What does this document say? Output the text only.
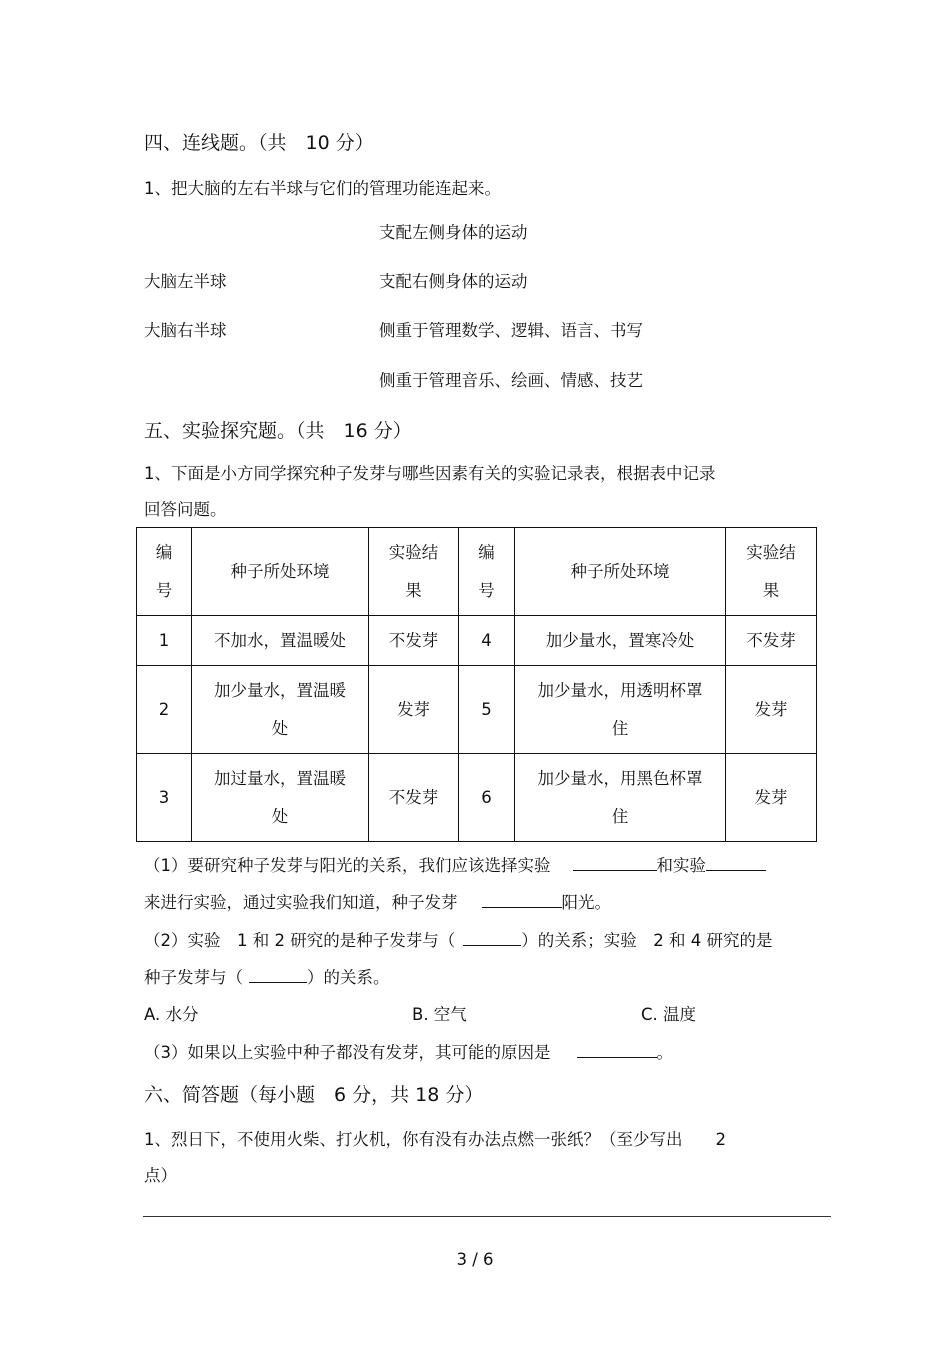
四、连线题。（共　10 分）
1、把大脑的左右半球与它们的管理功能连起来。
支配左侧身体的运动
大脑左半球	支配右侧身体的运动
大脑右半球	侧重于管理数学、逻辑、语言、书写
侧重于管理音乐、绘画、情感、技艺
五、实验探究题。（共　16 分）
1、下面是小方同学探究种子发芽与哪些因素有关的实验记录表，根据表中记录
回答问题。
编
号	种子所处环境	实验结
果	编
号	种子所处环境	实验结
果
1	不加水，置温暖处	不发芽	4	加少量水，置寒冷处	不发芽
2	加少量水，置温暖
处	发芽	5	加少量水，用透明杯罩
住	发芽
3	加过量水，置温暖
处	不发芽	6	加少量水，用黑色杯罩
住	发芽
（1）要研究种子发芽与阳光的关系，我们应该选择实验	和实验
来进行实验，通过实验我们知道，种子发芽	阳光。
（2）实验　1 和 2 研究的是种子发芽与（	）的关系；实验　2 和 4 研究的是
种子发芽与（	）的关系。
A. 水分	B. 空气	C. 温度
（3）如果以上实验中种子都没有发芽，其可能的原因是	。
六、简答题（每小题　6 分，共 18 分）
1、烈日下，不使用火柴、打火机，你有没有办法点燃一张纸？（至少写出　　2
点）
3 / 6
